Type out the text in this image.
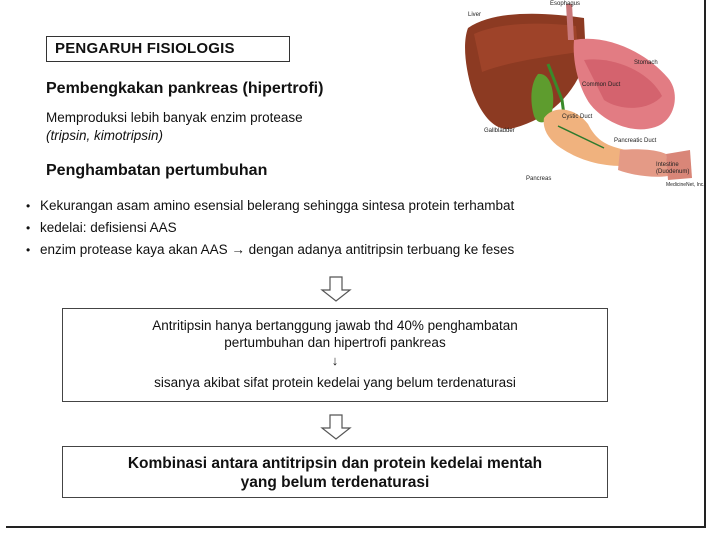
PENGARUH FISIOLOGIS
Pembengkakan pankreas (hipertrofi)
Memproduksi lebih banyak enzim protease
(tripsin, kimotripsin)
Penghambatan pertumbuhan
• Kekurangan asam amino esensial belerang sehingga sintesa protein terhambat
• kedelai: defisiensi AAS
• enzim protease kaya akan AAS → dengan adanya antitripsin terbuang ke feses
Antritipsin hanya bertanggung jawab thd 40% penghambatan
pertumbuhan dan hipertrofi pankreas
↓
sisanya akibat sifat protein kedelai yang belum terdenaturasi
Kombinasi antara antitripsin dan protein kedelai mentah
yang belum terdenaturasi
Liver
Esophagus
Stomach
Common Duct
Gallbladder
Cystic Duct
Pancreatic Duct
Intestine
(Duodenum)
Pancreas
MedicineNet, Inc.
